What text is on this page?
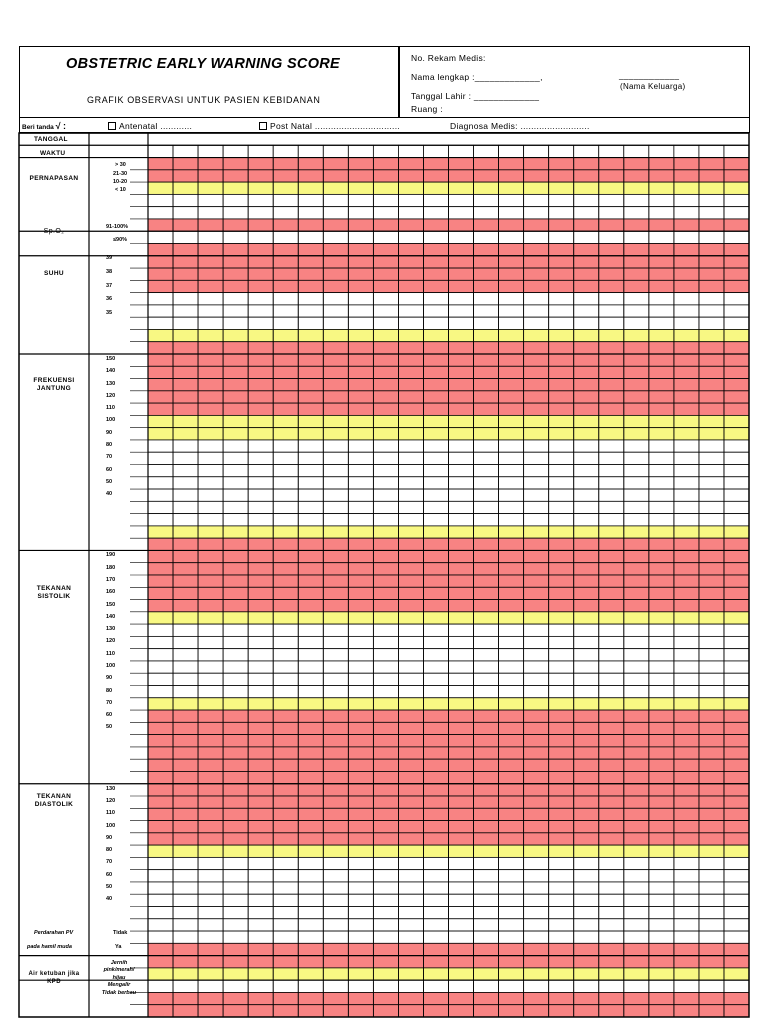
OBSTETRIC EARLY WARNING SCORE
GRAFIK OBSERVASI UNTUK PASIEN KEBIDANAN
No. Rekam Medis:
Nama lengkap :_____________,	____________
(Nama Keluarga)
Tanggal Lahir : _____________
Ruang :
Beri tanda √ :	Antenatal ............	Post Natal ................................	Diagnosa Medis: ..........................
TANGGAL
WAKTU
PERNAPASAN
> 30
21-30
10-20
< 10
Sp.O₂
91-100%
≤90%
SUHU
39
38
37
36
35
FREKUENSI
JANTUNG
TEKANAN
SISTOLIK
TEKANAN
DIASTOLIK
150
140
130
120
110
100
90
80
70
60
50
40
190
180
170
160
150
140
130
120
110
100
90
80
70
60
50
130
120
110
100
90
80
70
60
50
40
Perdarahan PV
pada hamil muda
Tidak
Ya
Air ketuban jika
KPD
Jernih
pink/merah/
hijau
Mengalir
Tidak berbau
